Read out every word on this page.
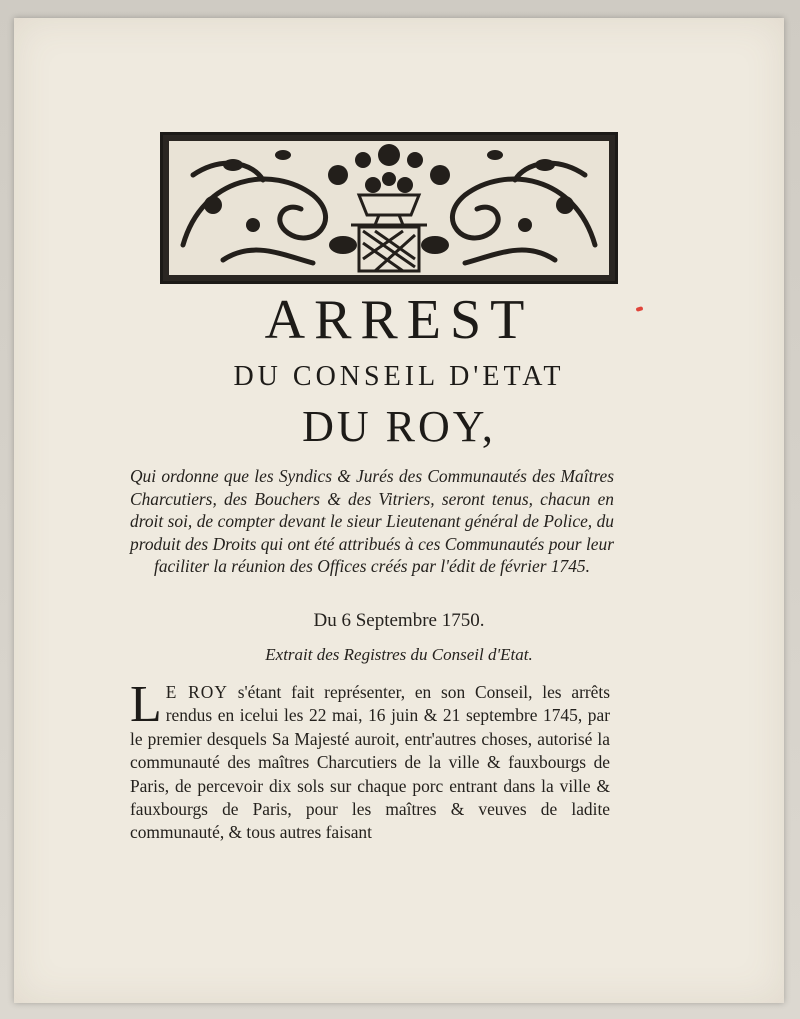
ARREST
DU CONSEIL D'ETAT
DU ROY,
Qui ordonne que les Syndics & Jurés des Communautés des Maîtres Charcutiers, des Bouchers & des Vitriers, seront tenus, chacun en droit soi, de compter devant le sieur Lieutenant général de Police, du produit des Droits qui ont été attribués à ces Communautés pour leur faciliter la réunion des Offices créés par l'édit de février 1745.
Du 6 Septembre 1750.
Extrait des Registres du Conseil d'Etat.
L E ROY s'étant fait représenter, en son Conseil, les arrêts rendus en icelui les 22 mai, 16 juin & 21 septembre 1745, par le premier desquels Sa Majesté auroit, entr'autres choses, autorisé la communauté des maîtres Charcutiers de la ville & fauxbourgs de Paris, de percevoir dix sols sur chaque porc entrant dans la ville & fauxbourgs de Paris, pour les maîtres & veuves de ladite communauté, & tous autres faisant
